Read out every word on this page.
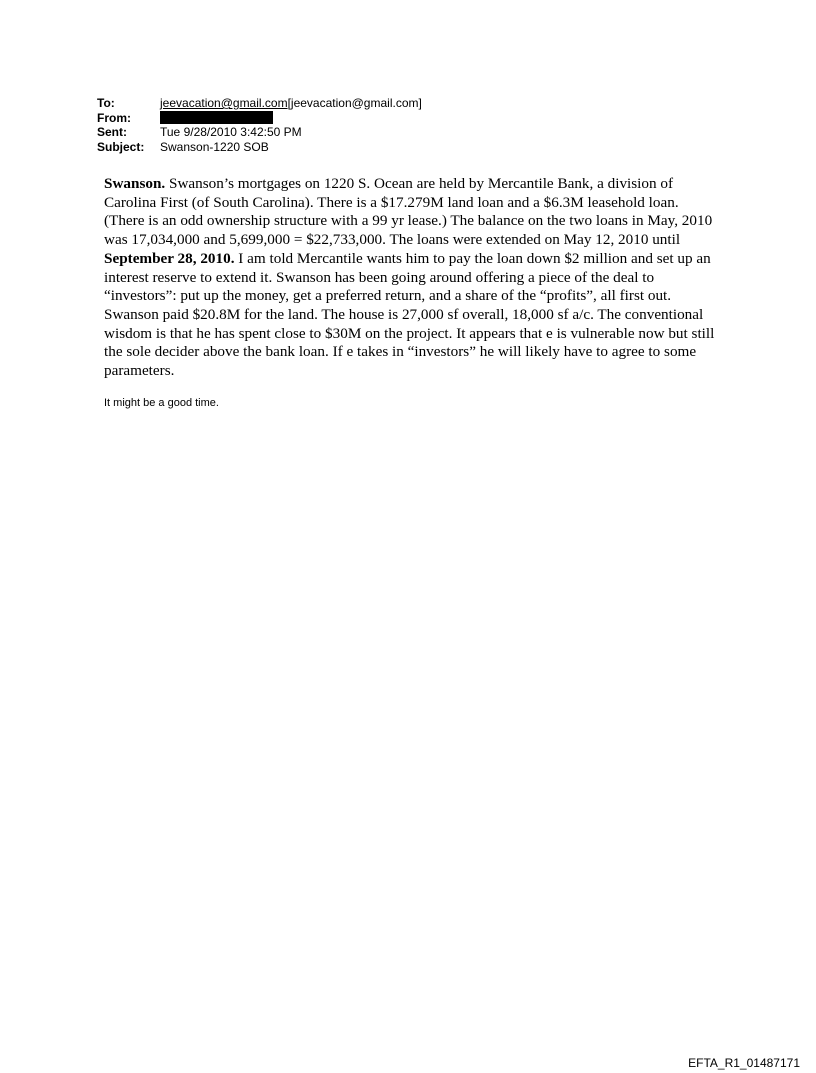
To:	jeevacation@gmail.com[jeevacation@gmail.com]
From:
Sent:	Tue 9/28/2010 3:42:50 PM
Subject:	Swanson-1220 SOB
Swanson. Swanson’s mortgages on 1220 S. Ocean are held by Mercantile Bank, a division of Carolina First (of South Carolina). There is a $17.279M land loan and a $6.3M leasehold loan. (There is an odd ownership structure with a 99 yr lease.) The balance on the two loans in May, 2010 was 17,034,000 and 5,699,000 = $22,733,000. The loans were extended on May 12, 2010 until September 28, 2010. I am told Mercantile wants him to pay the loan down $2 million and set up an interest reserve to extend it. Swanson has been going around offering a piece of the deal to “investors”: put up the money, get a preferred return, and a share of the “profits”, all first out. Swanson paid $20.8M for the land. The house is 27,000 sf overall, 18,000 sf a/c. The conventional wisdom is that he has spent close to $30M on the project. It appears that e is vulnerable now but still the sole decider above the bank loan. If e takes in “investors” he will likely have to agree to some parameters.
It might be a good time.
EFTA_R1_01487171
